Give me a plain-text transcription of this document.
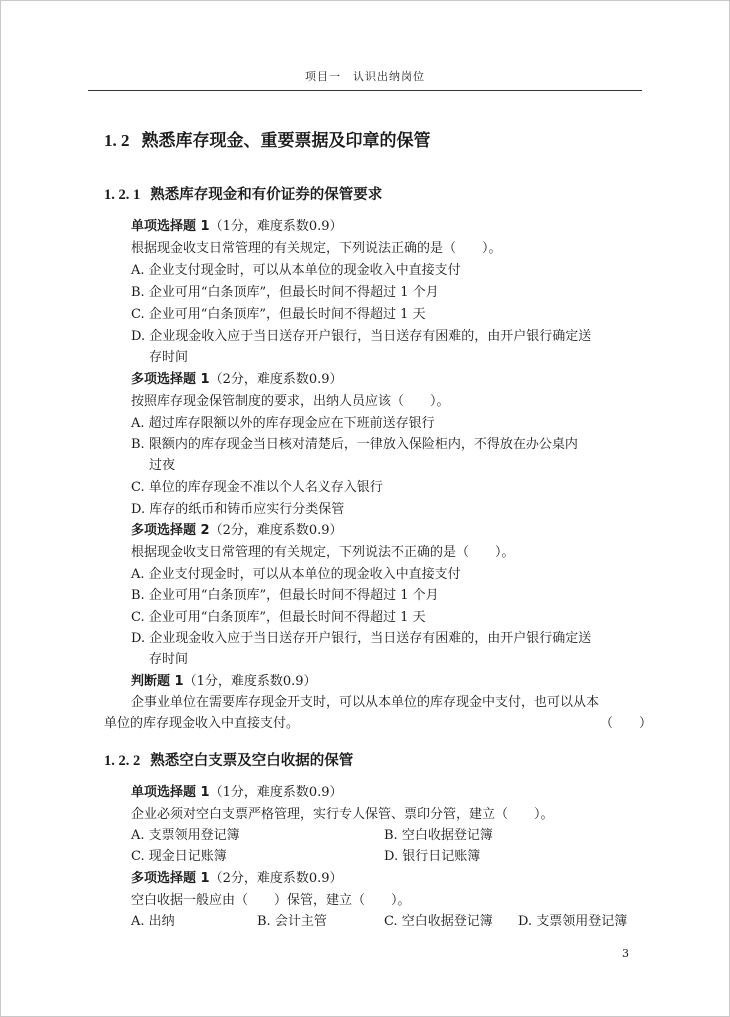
项目一　认识出纳岗位
1. 2 熟悉库存现金、重要票据及印章的保管
1. 2. 1 熟悉库存现金和有价证券的保管要求
单项选择题 1（1分，难度系数0.9）
根据现金收支日常管理的有关规定，下列说法正确的是（　　）。
A. 企业支付现金时，可以从本单位的现金收入中直接支付
B. 企业可用“白条顶库”，但最长时间不得超过 1 个月
C. 企业可用“白条顶库”，但最长时间不得超过 1 天
D. 企业现金收入应于当日送存开户银行，当日送存有困难的，由开户银行确定送
存时间
多项选择题 1（2分，难度系数0.9）
按照库存现金保管制度的要求，出纳人员应该（　　）。
A. 超过库存限额以外的库存现金应在下班前送存银行
B. 限额内的库存现金当日核对清楚后，一律放入保险柜内，不得放在办公桌内
过夜
C. 单位的库存现金不准以个人名义存入银行
D. 库存的纸币和铸币应实行分类保管
多项选择题 2（2分，难度系数0.9）
根据现金收支日常管理的有关规定，下列说法不正确的是（　　）。
A. 企业支付现金时，可以从本单位的现金收入中直接支付
B. 企业可用“白条顶库”，但最长时间不得超过 1 个月
C. 企业可用“白条顶库”，但最长时间不得超过 1 天
D. 企业现金收入应于当日送存开户银行，当日送存有困难的，由开户银行确定送
存时间
判断题 1（1分，难度系数0.9）
企事业单位在需要库存现金开支时，可以从本单位的库存现金中支付，也可以从本
单位的库存现金收入中直接支付。	（　　）
1. 2. 2 熟悉空白支票及空白收据的保管
单项选择题 1（1分，难度系数0.9）
企业必须对空白支票严格管理，实行专人保管、票印分管，建立（　　）。
A. 支票领用登记簿	B. 空白收据登记簿
C. 现金日记账簿	D. 银行日记账簿
多项选择题 1（2分，难度系数0.9）
空白收据一般应由（　　）保管，建立（　　）。
A. 出纳	B. 会计主管	C. 空白收据登记簿 D. 支票领用登记簿
3
